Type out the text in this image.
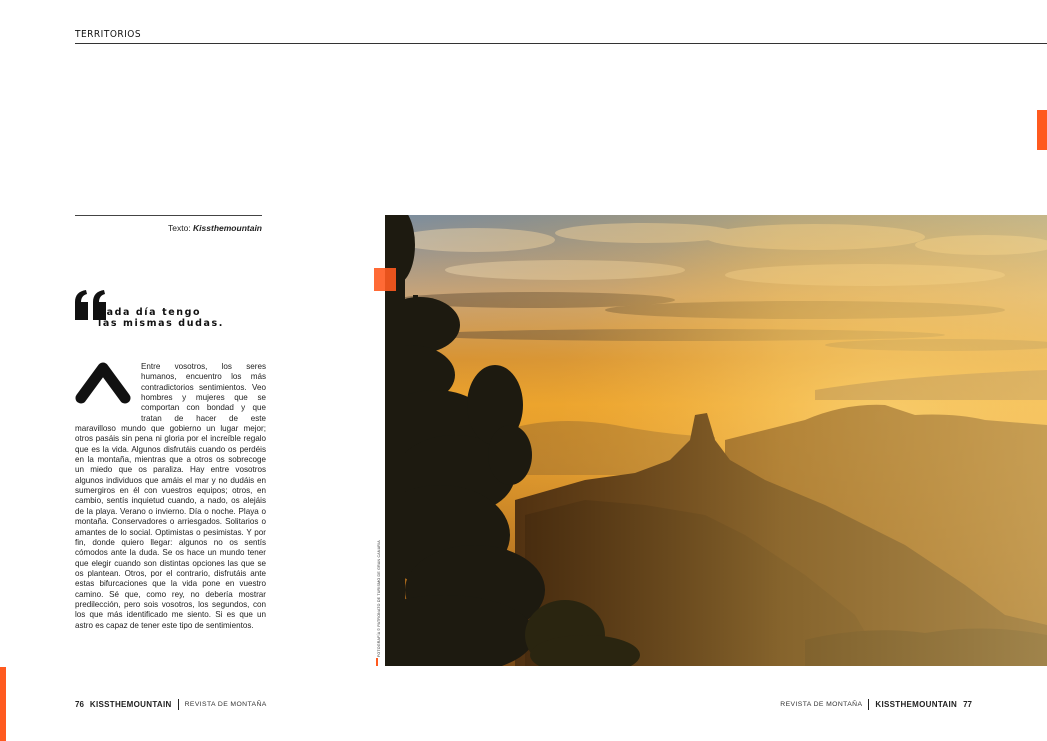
TERRITORIOS
Texto: Kissthemountain
Cada día tengo
las mismas dudas.
Entre vosotros, los seres humanos, encuentro los más contradictorios sentimientos. Veo hombres y mujeres que se comportan con bondad y que tratan de hacer de este maravilloso mundo que gobierno un lugar mejor; otros pasáis sin pena ni gloria por el increíble regalo que es la vida. Algunos disfrutáis cuando os perdéis en la montaña, mientras que a otros os sobrecoge un miedo que os paraliza. Hay entre vosotros algunos individuos que amáis el mar y no dudáis en sumergiros en él con vuestros equipos; otros, en cambio, sentís inquietud cuando, a nado, os alejáis de la playa. Verano o invierno. Día o noche. Playa o montaña. Conservadores o arriesgados. Solitarios o amantes de lo social. Optimistas o pesimistas. Y por fin, donde quiero llegar: algunos no os sentís cómodos ante la duda. Se os hace un mundo tener que elegir cuando son distintas opciones las que se os plantean. Otros, por el contrario, disfrutáis ante estas bifurcaciones que la vida pone en vuestro camino. Sé que, como rey, no debería mostrar predilección, pero sois vosotros, los segundos, con los que más identificado me siento. Si es que un astro es capaz de tener este tipo de sentimientos.	FOTOGRAFÍA © PATRONATO DE TURISMO DE GRAN CANARIA
76 KISSTHEMOUNTAIN REVISTA DE MONTAÑA	REVISTA DE MONTAÑA KISSTHEMOUNTAIN 77
